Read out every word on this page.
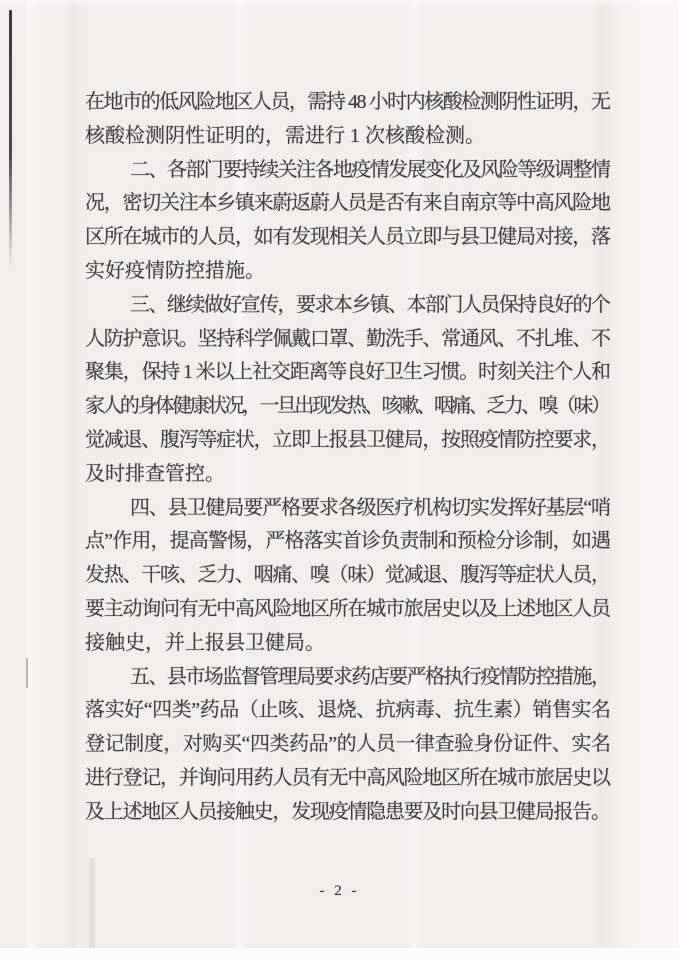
在地市的低风险地区人员，需持 48 小时内核酸检测阴性证明，无
核酸检测阴性证明的，需进行 1 次核酸检测。
二、各部门要持续关注各地疫情发展变化及风险等级调整情
况，密切关注本乡镇来蔚返蔚人员是否有来自南京等中高风险地
区所在城市的人员，如有发现相关人员立即与县卫健局对接，落
实好疫情防控措施。
三、继续做好宣传，要求本乡镇、本部门人员保持良好的个
人防护意识。坚持科学佩戴口罩、勤洗手、常通风、不扎堆、不
聚集，保持 1 米以上社交距离等良好卫生习惯。时刻关注个人和
家人的身体健康状况，一旦出现发热、咳嗽、咽痛、乏力、嗅（味）
觉减退、腹泻等症状，立即上报县卫健局，按照疫情防控要求，
及时排查管控。
四、县卫健局要严格要求各级医疗机构切实发挥好基层“哨
点”作用，提高警惕，严格落实首诊负责制和预检分诊制，如遇
发热、干咳、乏力、咽痛、嗅（味）觉减退、腹泻等症状人员，
要主动询问有无中高风险地区所在城市旅居史以及上述地区人员
接触史，并上报县卫健局。
五、县市场监督管理局要求药店要严格执行疫情防控措施，
落实好“四类”药品（止咳、退烧、抗病毒、抗生素）销售实名
登记制度，对购买“四类药品”的人员一律查验身份证件、实名
进行登记，并询问用药人员有无中高风险地区所在城市旅居史以
及上述地区人员接触史，发现疫情隐患要及时向县卫健局报告。
- 2 -
